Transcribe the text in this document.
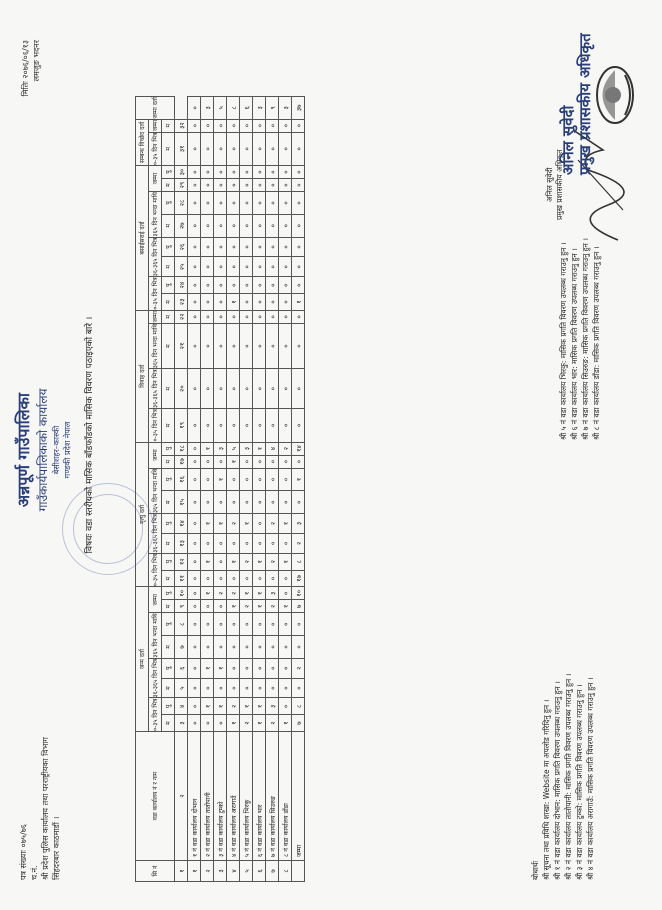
पत्र संख्याः ०७५/७६ च.नं. श्री प्रदेश पुलिस कार्यालय तथा परराष्ट्रीयका विभाग सिंहदरबार काठमाडौं ।
मितिः २०७६/०६/१३ लमजुङ भदनर
अन्नपूर्ण गाउँपालिका गाउँकार्यपालिकाको कार्यालय बेसीशहर–कास्की गण्डकी प्रदेश नेपाल	विषयः वडा स्तरीयको मासिक बाँडफाँडको मासिक विवरण पठाइएको बारे ।
सि नं	वडा कार्यालय नं र नाम	जन्म दर्ता								मृत्यु दर्ता								विवाह दर्ता				बसाईसराई दर्ता								सम्बन्ध विच्छेद दर्ता		जम्मा दर्ता
		०-३५ दिन भित्र		३६-३६५ दिन भित्र		३६५ दिन भन्दा माथि		जम्मा		०-३५ दिन भित्र		३६-३६५ दिन भित्र		३६५ दिन भन्दा माथि		जम्मा		०-३५ दिन भित्र	३६-३६५ दिन भित्र	३६५ दिन भन्दा माथि	जम्मा	०-३५ दिन भित्र		३६-३६५ दिन भित्र		३६५ दिन भन्दा माथि		जम्मा		०-३५ दिन भित्र	जम्मा	
		म	पु	म	पु	म	पु	म	पु	म	पु	म	पु	म	पु	म	पु	म	म	म	म	म	पु	म	पु	म	पु	म	पु	म	म	
१	२	३	४	५	६	७	८	९	१०	११	१२	१३	१४	१५	१६	१७	१८	१९	२०	२१	२२	२३	२४	२५	२६	२७	२८	२९	३०	३१	३२	
१	१ नं वडा कार्यालय दोभान	०	०	०	०	०	०	०	०	०	०	०	०	०	०	०	०	०	०	०	०	०	०	०	०	०	०	०	०	०	०	०
२	२ नं वडा कार्यालय तातोपानी	०	१	०	१	०	०	०	१	०	१	०	१	०	०	०	१	०	०	०	०	०	०	०	०	०	०	०	०	०	०	३
३	३ नं वडा कार्यालय टुम्को	०	१	०	१	०	०	०	२	०	०	०	१	०	१	०	३	०	०	०	०	०	०	०	०	०	०	०	०	०	०	५
४	४ नं वडा कार्यालय अरागाउँ	१	२	०	०	०	०	१	२	०	१	०	२	०	०	१	५	०	०	०	०	१	०	०	०	०	०	०	०	०	०	८
५	५ नं वडा कार्यालय भिरकु	२	१	०	०	०	०	२	१	०	२	०	१	०	०	०	३	०	०	०	०	०	०	०	०	०	०	०	०	०	०	६
६	६ नं वडा कार्यालय भार	१	१	०	०	०	०	१	१	०	१	०	०	०	०	०	१	०	०	०	०	०	०	०	०	०	०	०	०	०	०	३
७	७ नं वडा कार्यालय सिउरुङ	२	३	०	०	०	०	२	३	०	२	०	२	०	०	०	४	०	०	०	०	०	०	०	०	०	०	०	०	०	०	९
८	८ नं वडा कार्यालय डाँडा	१	०	०	०	०	०	१	०	०	१	०	१	०	०	०	२	०	०	०	०	०	०	०	०	०	०	०	०	०	०	३
	जम्मा	७	८	०	२	०	०	७	१०	१७	८	२	३	०	१	०	१४	०	०	०	०	१	०	०	०	०	०	०	०	०	०	३७
बोधार्थः श्री सूचना तथा प्रविधि शाखा: Website मा अपलोड गरिदिनु हुन । श्री १ नं वडा कार्यालय दोभान: मासिक प्रगति विवरण उपलब्ध गराउनु हुन । श्री २ नं वडा कार्यालय तातोपानी: मासिक प्रगति विवरण उपलब्ध गराउनु हुन । श्री ३ नं वडा कार्यालय टुम्को: मासिक प्रगति विवरण उपलब्ध गराउनु हुन । श्री ४ नं वडा कार्यालय अरागाउँ: मासिक प्रगति विवरण उपलब्ध गराउनु हुन ।
श्री ५ नं वडा कार्यालय भिरकु: मासिक प्रगति विवरण उपलब्ध गराउनु हुन । श्री ६ नं वडा कार्यालय भार: मासिक प्रगति विवरण उपलब्ध गराउनु हुन । श्री ७ नं वडा कार्यालय सिउरुङ: मासिक प्रगति विवरण उपलब्ध गराउनु हुन । श्री ८ नं वडा कार्यालय डाँडा: मासिक प्रगति विवरण उपलब्ध गराउनु हुन ।
अनिल सुवेदी प्रमुख प्रशासकीय अधिकृत
अनिल सुवेदी प्रमुख प्रशासकीय अधिकृत
